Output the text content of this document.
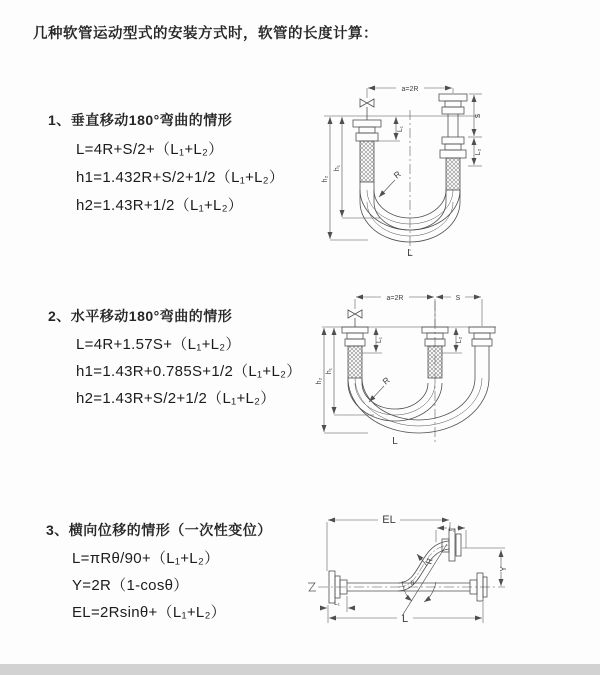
几种软管运动型式的安装方式时，软管的长度计算：
1、垂直移动180°弯曲的情形
L=4R+S/2+（L₁+L₂）
h1=1.432R+S/2+1/2（L₁+L₂）
h2=1.43R+1/2（L₁+L₂）
2、水平移动180°弯曲的情形
L=4R+1.57S+（L₁+L₂）
h1=1.43R+0.785S+1/2（L₁+L₂）
h2=1.43R+S/2+1/2（L₁+L₂）
3、横向位移的情形（一次性变位）
L=πRθ/90+（L₁+L₂）
Y=2R（1-cosθ）
EL=2Rsinθ+（L₁+L₂）
a=2R
S
L₂
L₁
h₁
h₂	R
L
a=2R	S
L₁	L₂
h₁
h₂	R
L
EL
L₂
R
θ
Y
L
L₁
